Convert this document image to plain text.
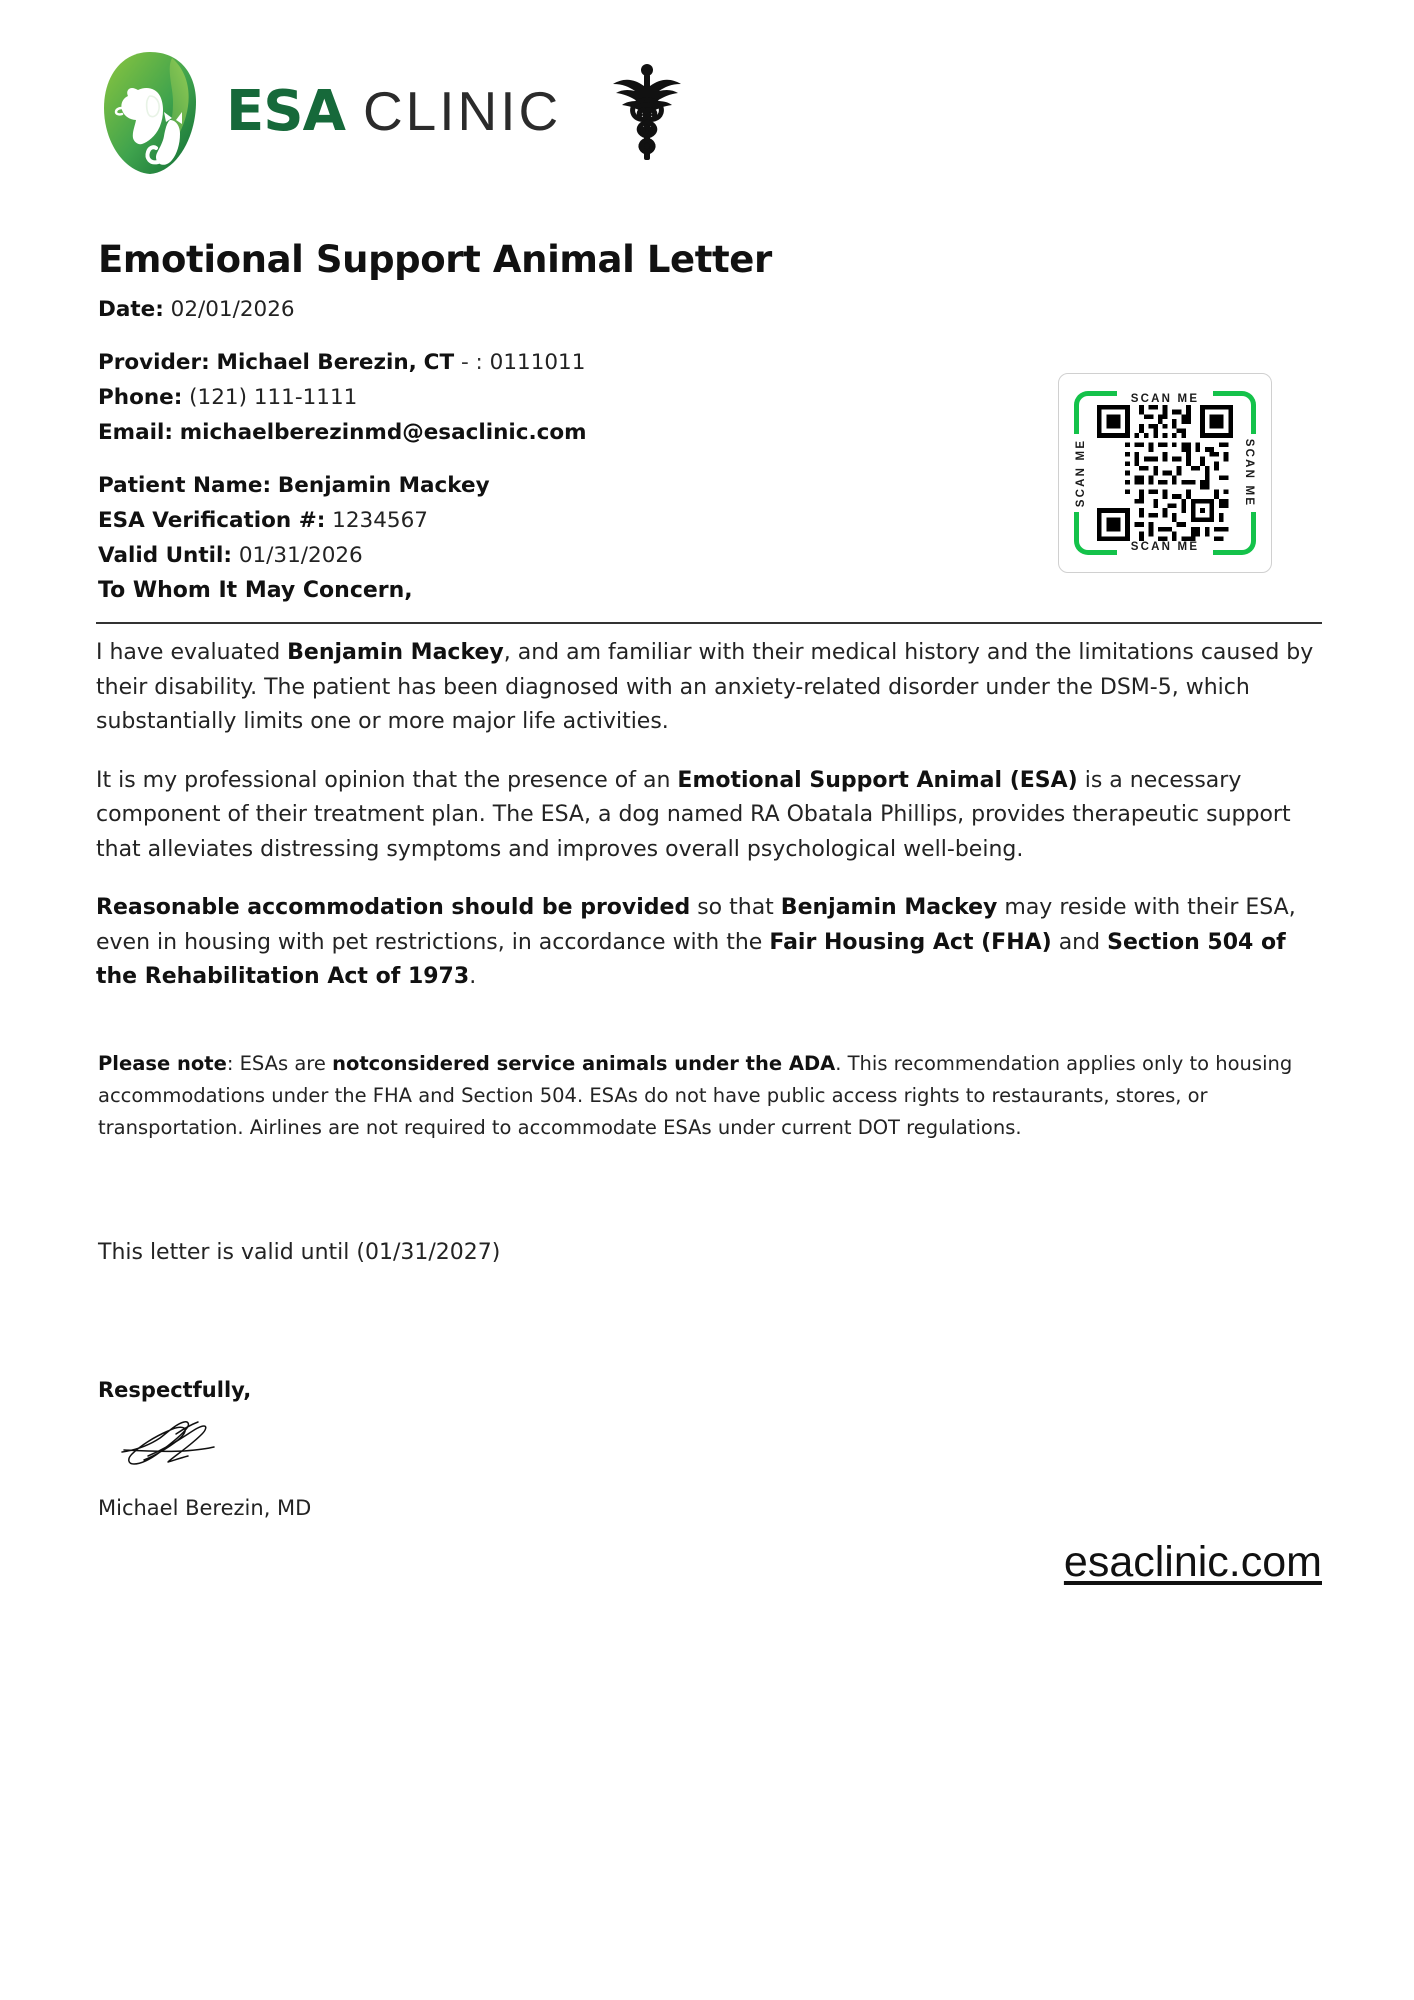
ESA CLINIC
Emotional Support Animal Letter
Date: 02/01/2026
Provider: Michael Berezin, CT - : 0111011
Phone: (121) 111-1111
Email: michaelberezinmd@esaclinic.com
Patient Name: Benjamin Mackey
ESA Verification #: 1234567
Valid Until: 01/31/2026
SCAN ME
SCAN ME
SCAN ME	SCAN ME
To Whom It May Concern,

I have evaluated Benjamin Mackey, and am familiar with their medical history and the limitations caused by their disability. The patient has been diagnosed with an anxiety-related disorder under the DSM-5, which substantially limits one or more major life activities.

It is my professional opinion that the presence of an Emotional Support Animal (ESA) is a necessary component of their treatment plan. The ESA, a dog named RA Obatala Phillips, provides therapeutic support that alleviates distressing symptoms and improves overall psychological well-being.

Reasonable accommodation should be provided so that Benjamin Mackey may reside with their ESA, even in housing with pet restrictions, in accordance with the Fair Housing Act (FHA) and Section 504 of the Rehabilitation Act of 1973.

Please note: ESAs are notconsidered service animals under the ADA. This recommendation applies only to housing accommodations under the FHA and Section 504. ESAs do not have public access rights to restaurants, stores, or transportation. Airlines are not required to accommodate ESAs under current DOT regulations.
This letter is valid until (01/31/2027)
Respectfully,
Michael Berezin, MD
esaclinic.com
